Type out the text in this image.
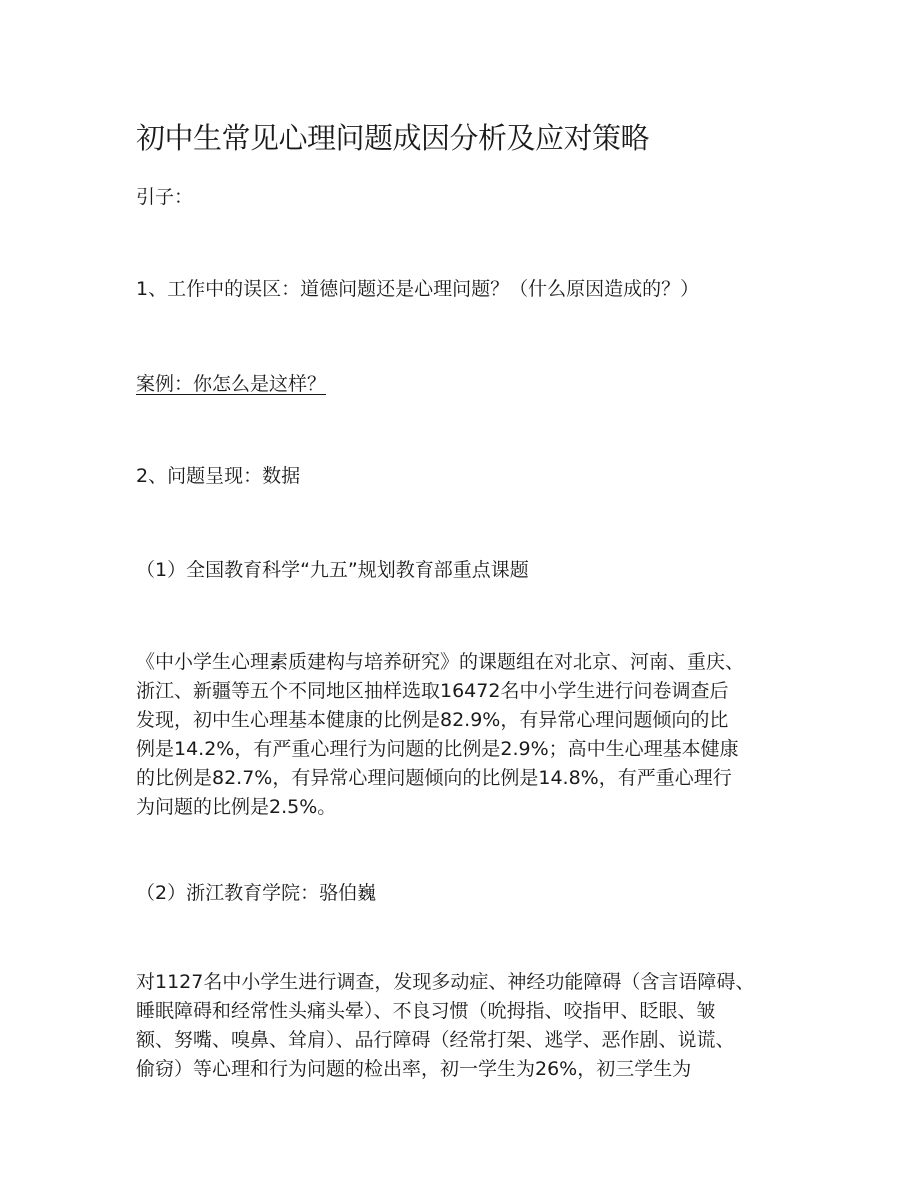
初中生常见心理问题成因分析及应对策略

引子：

1、工作中的误区：道德问题还是心理问题？（什么原因造成的？）

案例：你怎么是这样？

2、问题呈现：数据

（1）全国教育科学“九五”规划教育部重点课题

《中小学生心理素质建构与培养研究》的课题组在对北京、河南、重庆、
浙江、新疆等五个不同地区抽样选取16472名中小学生进行问卷调查后
发现，初中生心理基本健康的比例是82.9%，有异常心理问题倾向的比
例是14.2%，有严重心理行为问题的比例是2.9%；高中生心理基本健康
的比例是82.7%，有异常心理问题倾向的比例是14.8%，有严重心理行
为问题的比例是2.5%。

（2）浙江教育学院：骆伯巍

对1127名中小学生进行调查，发现多动症、神经功能障碍（含言语障碍、
睡眠障碍和经常性头痛头晕）、不良习惯（吮拇指、咬指甲、眨眼、皱
额、努嘴、嗅鼻、耸肩）、品行障碍（经常打架、逃学、恶作剧、说谎、
偷窃）等心理和行为问题的检出率，初一学生为26%，初三学生为
